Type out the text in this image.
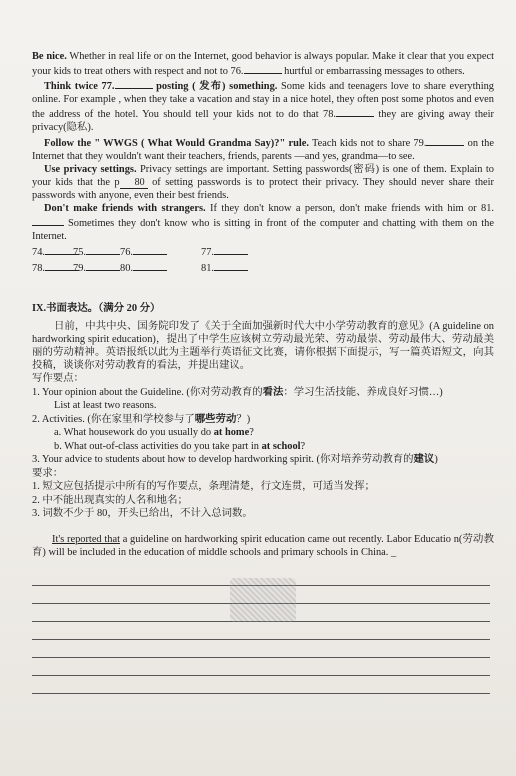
Be nice. Whether in real life or on the Internet, good behavior is always popular. Make it clear that you expect your kids to treat others with respect and not to 76.	hurtful or embarrassing messages to others.

Think twice 77.	posting ( 发布) something. Some kids and teenagers love to share everything online. For example , when they take a vacation and stay in a nice hotel, they often post some photos and even the address of the hotel. You should tell your kids not to do that 78.	they are giving away their privacy(隐私).

Follow the " WWGS ( What Would Grandma Say)?" rule. Teach kids not to share 79.	on the Internet that they wouldn't want their teachers, friends, parents —and yes, grandma—to see.

Use privacy settings. Privacy settings are important. Setting passwords(密码) is one of them. Explain to your kids that the p 80 of setting passwords is to protect their privacy. They should never share their passwords with anyone, even their best friends.

Don't make friends with strangers. If they don't know a person, don't make friends with him or 81. Sometimes they don't know who is sitting in front of the computer and chatting with them on the Internet.

74.	75.	76.	77.
78.	79.	80.	81.
IX.书面表达。（满分 20 分）
日前，中共中央、国务院印发了《关于全面加强新时代大中小学劳动教育的意见》(A guideline on hardworking spirit education)，提出了中学生应该树立劳动最光荣、劳动最崇、劳动最伟大、劳动最美丽的劳动精神。英语报纸以此为主题举行英语征文比赛，请你根据下面提示，写一篇英语短文，向其投稿，谈谈你对劳动教育的看法，并提出建议。
写作要点：
1. Your opinion about the Guideline. (你对劳动教育的看法：学习生活技能、养成良好习惯…)
List at least two reasons.
2. Activities. (你在家里和学校参与了哪些劳动？)
a. What housework do you usually do at home?
b. What out-of-class activities do you take part in at school?
3. Your advice to students about how to develop hardworking spirit. (你对培养劳动教育的建议)
要求：
1. 短文应包括提示中所有的写作要点，条理清楚，行文连贯，可适当发挥；
2. 中不能出现真实的人名和地名；
3. 词数不少于 80，开头已给出，不计入总词数。

It's reported that a guideline on hardworking spirit education came out recently. Labor Educatio n(劳动教育) will be included in the education of middle schools and primary schools in China. _
